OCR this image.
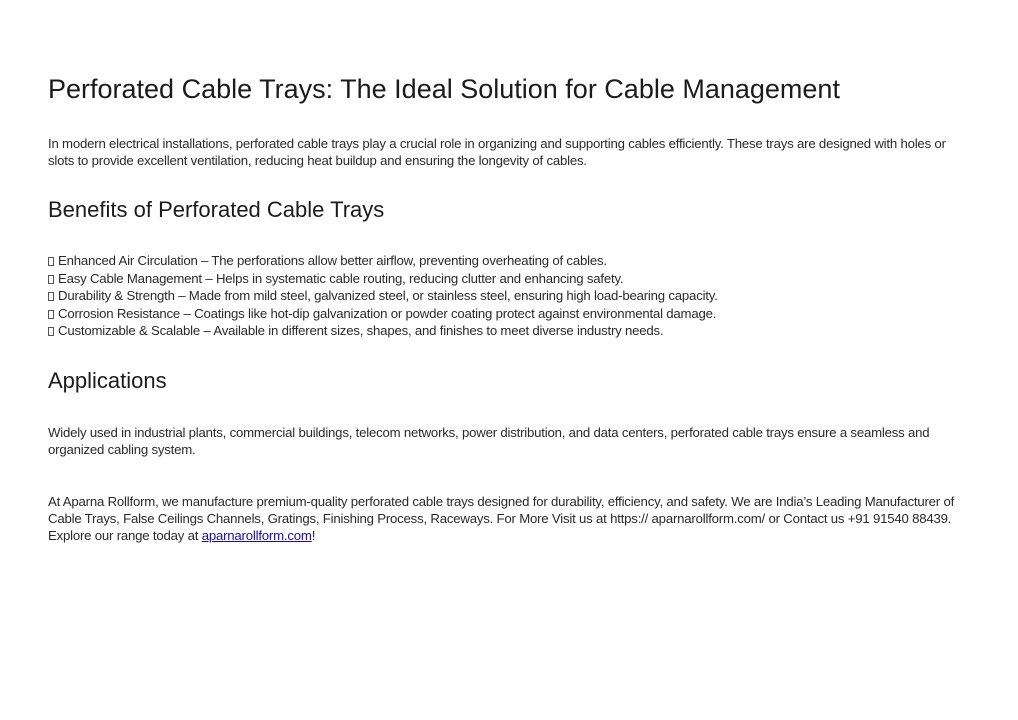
Perforated Cable Trays: The Ideal Solution for Cable Management

In modern electrical installations, perforated cable trays play a crucial role in organizing and supporting cables efficiently. These trays are designed with holes or slots to provide excellent ventilation, reducing heat buildup and ensuring the longevity of cables.

Benefits of Perforated Cable Trays
Enhanced Air Circulation – The perforations allow better airflow, preventing overheating of cables.
Easy Cable Management – Helps in systematic cable routing, reducing clutter and enhancing safety.
Durability & Strength – Made from mild steel, galvanized steel, or stainless steel, ensuring high load-bearing capacity.
Corrosion Resistance – Coatings like hot-dip galvanization or powder coating protect against environmental damage.
Customizable & Scalable – Available in different sizes, shapes, and finishes to meet diverse industry needs.
Applications

Widely used in industrial plants, commercial buildings, telecom networks, power distribution, and data centers, perforated cable trays ensure a seamless and organized cabling system.

At Aparna Rollform, we manufacture premium-quality perforated cable trays designed for durability, efficiency, and safety. We are India’s Leading Manufacturer of Cable Trays, False Ceilings Channels, Gratings, Finishing Process, Raceways. For More Visit us at https:// aparnarollform.com/ or Contact us +91 91540 88439. Explore our range today at aparnarollform.com!
